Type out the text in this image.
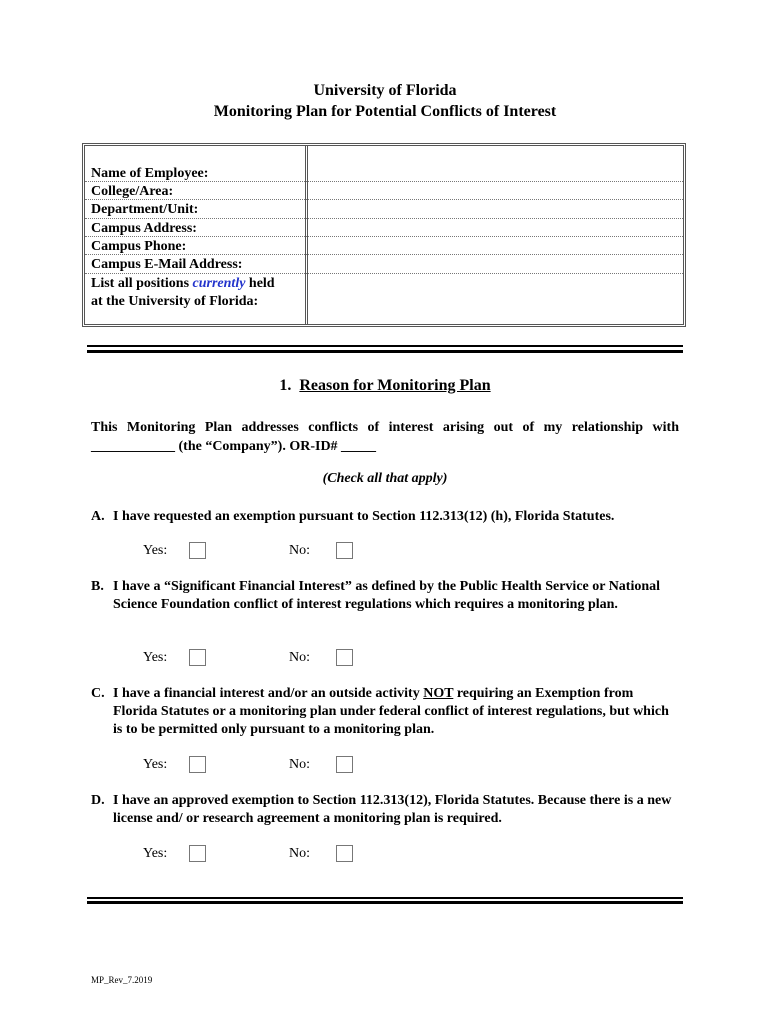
University of Florida
Monitoring Plan for Potential Conflicts of Interest
Name of Employee:
College/Area:
Department/Unit:
Campus Address:
Campus Phone:
Campus E-Mail Address:
List all positions currently held
at the University of Florida:
1. Reason for Monitoring Plan
This Monitoring Plan addresses conflicts of interest arising out of my relationship with
____________ (the “Company”). OR-ID# _____
(Check all that apply)
A. I have requested an exemption pursuant to Section 112.313(12) (h), Florida Statutes.
Yes:	No:
B. I have a “Significant Financial Interest” as defined by the Public Health Service or National Science Foundation conflict of interest regulations which requires a monitoring plan.
Yes:	No:
C. I have a financial interest and/or an outside activity NOT requiring an Exemption from Florida Statutes or a monitoring plan under federal conflict of interest regulations, but which is to be permitted only pursuant to a monitoring plan.
Yes:	No:
D. I have an approved exemption to Section 112.313(12), Florida Statutes. Because there is a new license and/ or research agreement a monitoring plan is required.
Yes:	No:
MP_Rev_7.2019
